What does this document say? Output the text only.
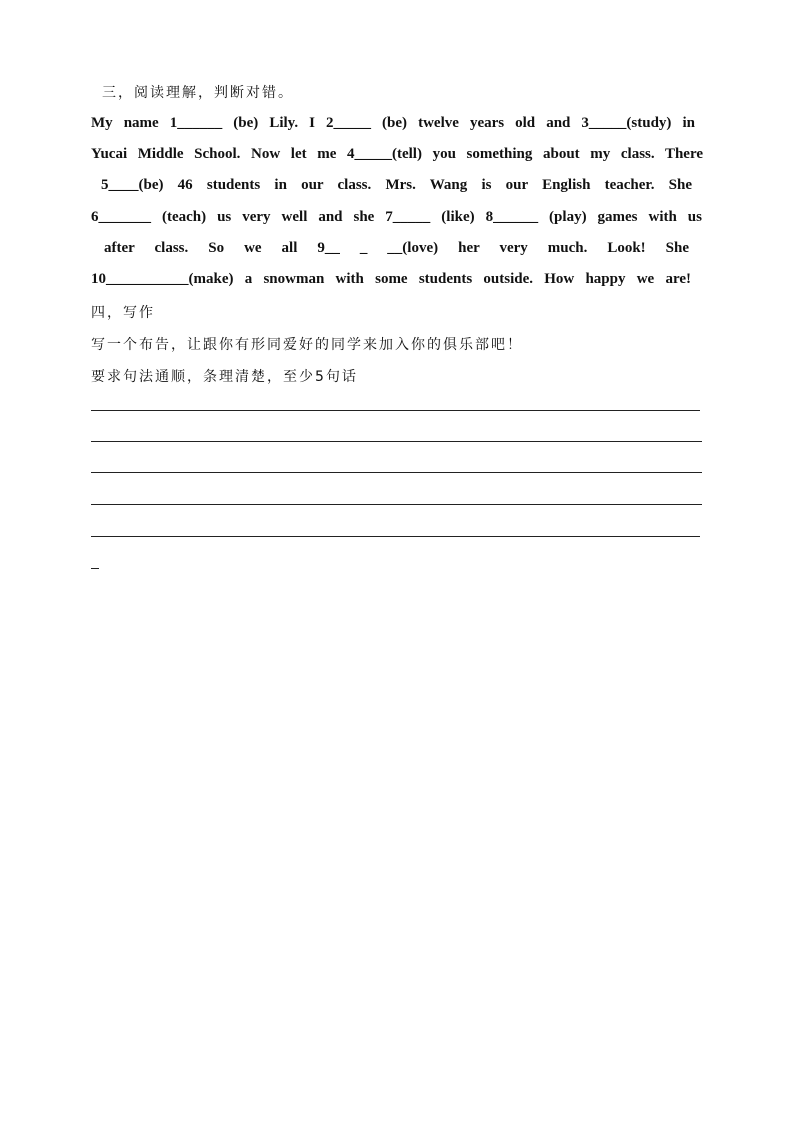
三，阅读理解，判断对错。
My name 1______ (be) Lily. I 2_____ (be) twelve years old and 3_____(study) in
Yucai Middle School. Now let me 4_____(tell) you something about my class. There
5____(be) 46 students in our class. Mrs. Wang is our English teacher. She
6_______ (teach) us very well and she 7_____ (like) 8______ (play) games with us
after class. So we all 9__ _ __(love) her very much. Look! She
10___________(make) a snowman with some students outside. How happy we are!
四，写作
写一个布告，让跟你有形同爱好的同学来加入你的俱乐部吧！
要求句法通顺，条理清楚，至少5句话
